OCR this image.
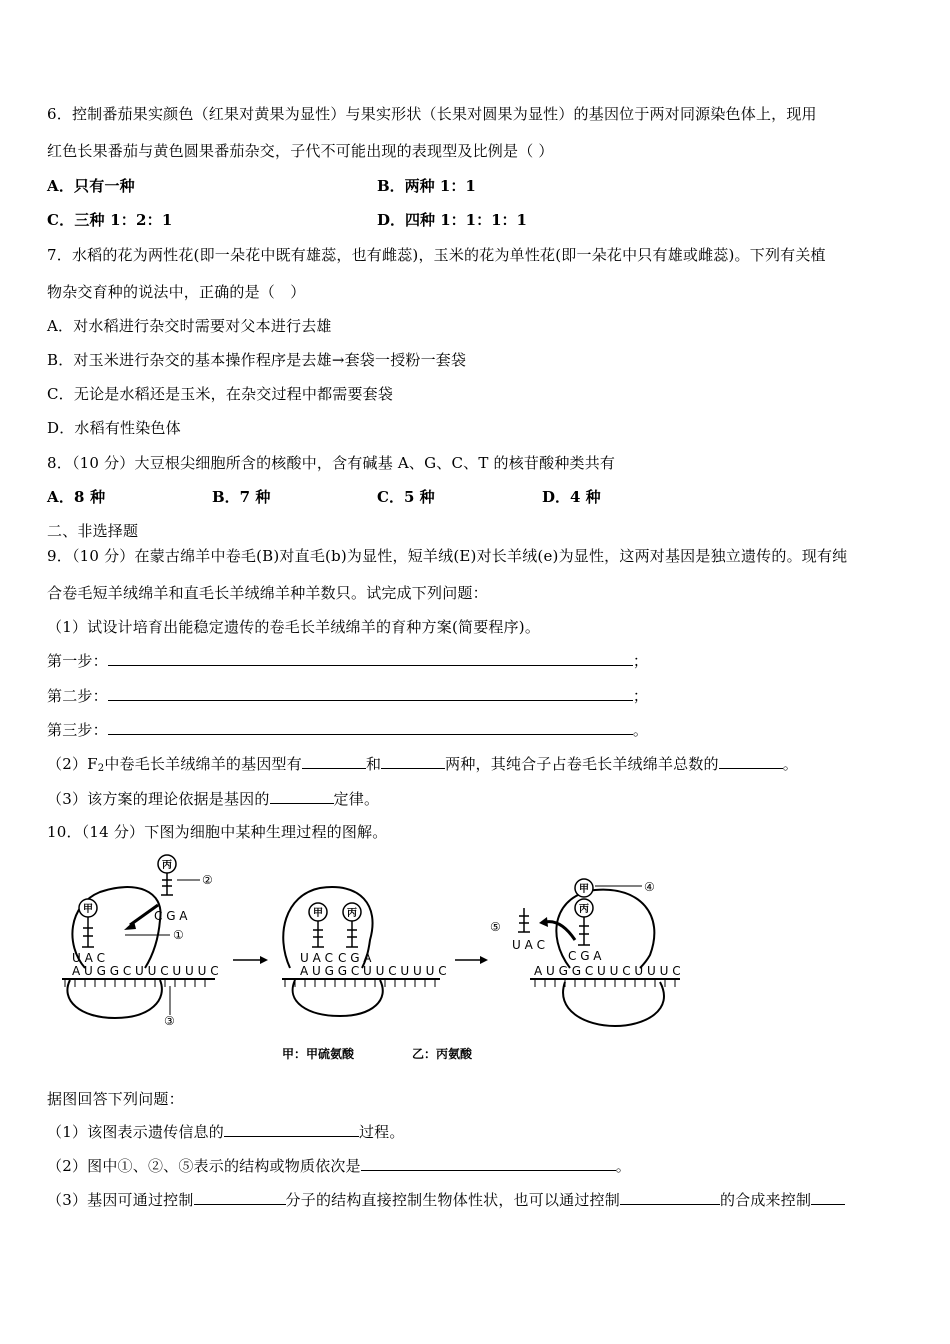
6．控制番茄果实颜色（红果对黄果为显性）与果实形状（长果对圆果为显性）的基因位于两对同源染色体上，现用
红色长果番茄与黄色圆果番茄杂交，子代不可能出现的表现型及比例是（ ）
A．只有一种	B．两种 1：1
C．三种 1：2：1	D．四种 1：1：1：1
7．水稻的花为两性花(即一朵花中既有雄蕊，也有雌蕊)，玉米的花为单性花(即一朵花中只有雄或雌蕊)。下列有关植
物杂交育种的说法中，正确的是（　）
A．对水稻进行杂交时需要对父本进行去雄
B．对玉米进行杂交的基本操作程序是去雄→套袋一授粉一套袋
C．无论是水稻还是玉米，在杂交过程中都需要套袋
D．水稻有性染色体
8．（10 分）大豆根尖细胞所含的核酸中，含有碱基 A、G、C、T 的核苷酸种类共有
A．8 种	B．7 种	C．5 种	D．4 种
二、非选择题
9．（10 分）在蒙古绵羊中卷毛(B)对直毛(b)为显性，短羊绒(E)对长羊绒(e)为显性，这两对基因是独立遗传的。现有纯
合卷毛短羊绒绵羊和直毛长羊绒绵羊种羊数只。试完成下列问题：
（1）试设计培育出能稳定遗传的卷毛长羊绒绵羊的育种方案(简要程序)。
第一步：	；
第二步：	；
第三步：	。
$(2)F_2$中卷毛长羊绒绵羊的基因型有	和	两种，其纯合子占卷毛长羊绒绵羊总数的	。
（3）该方案的理论依据是基因的	定律。
10．（14 分）下图为细胞中某种生理过程的图解。
丙
C G A
②
甲
U A C
A U G G C U U C U U U C
①
③
甲 丙
U A C C G A
A U G G C U U C U U U C
甲
丙
C G A
④
U A C
⑤
A U G G C U U C U U U C
甲：甲硫氨酸	乙：丙氨酸
据图回答下列问题：
（1）该图表示遗传信息的	过程。
（2）图中①、②、⑤表示的结构或物质依次是	。
（3）基因可通过控制	分子的结构直接控制生物体性状，也可以通过控制	的合成来控制
